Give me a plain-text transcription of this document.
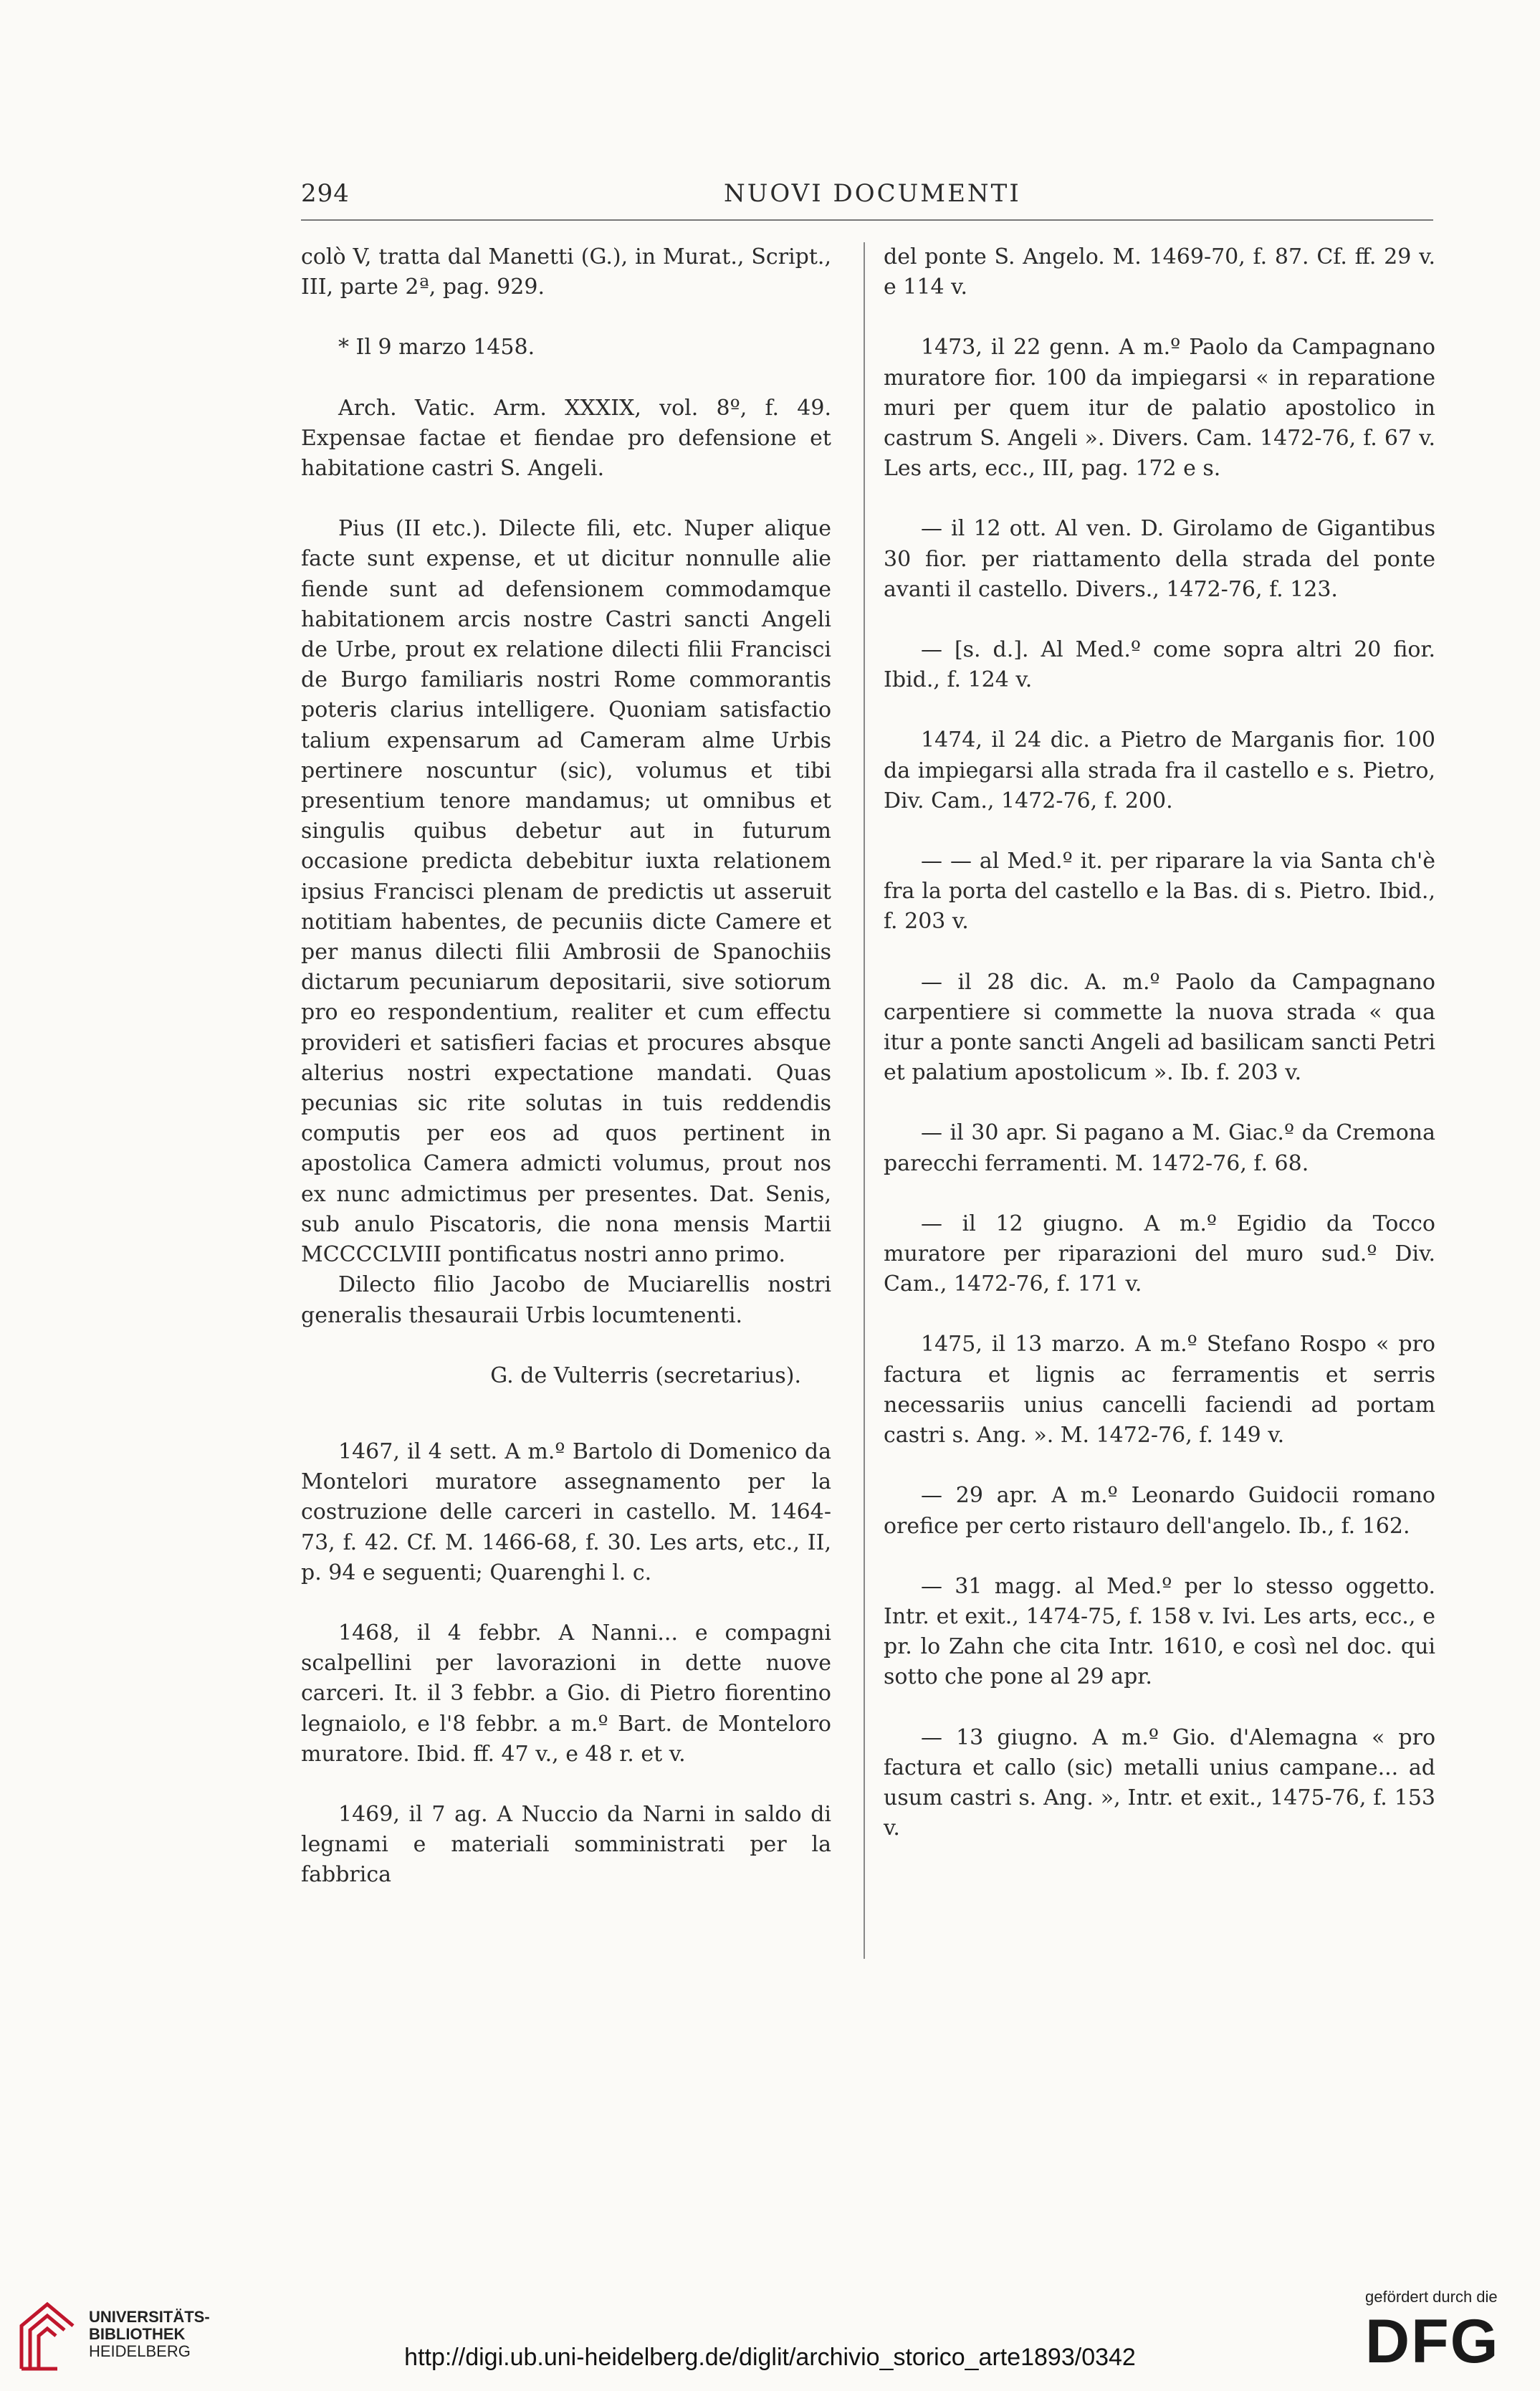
294	NUOVI DOCUMENTI

colò V, tratta dal Manetti (G.), in Murat., Script., III, parte 2ª, pag. 929.

* Il 9 marzo 1458.

Arch. Vatic. Arm. XXXIX, vol. 8º, f. 49. Expensae factae et fiendae pro defensione et habitatione castri S. Angeli.

Pius (II etc.). Dilecte fili, etc. Nuper alique facte sunt expense, et ut dicitur nonnulle alie fiende sunt ad defensionem commodamque habitationem arcis nostre Castri sancti Angeli de Urbe, prout ex relatione dilecti filii Francisci de Burgo familiaris nostri Rome commorantis poteris clarius intelligere. Quoniam satisfactio talium expensarum ad Cameram alme Urbis pertinere noscuntur (sic), volumus et tibi presentium tenore mandamus; ut omnibus et singulis quibus debetur aut in futurum occasione predicta debebitur iuxta relationem ipsius Francisci plenam de predictis ut asseruit notitiam habentes, de pecuniis dicte Camere et per manus dilecti filii Ambrosii de Spanochiis dictarum pecuniarum depositarii, sive sotiorum pro eo respondentium, realiter et cum effectu provideri et satisfieri facias et procures absque alterius nostri expectatione mandati. Quas pecunias sic rite solutas in tuis reddendis computis per eos ad quos pertinent in apostolica Camera admicti volumus, prout nos ex nunc admictimus per presentes. Dat. Senis, sub anulo Piscatoris, die nona mensis Martii MCCCCLVIII pontificatus nostri anno primo.

Dilecto filio Jacobo de Muciarellis nostri generalis thesauraii Urbis locumtenenti.

G. de Vulterris (secretarius).

1467, il 4 sett. A m.º Bartolo di Domenico da Montelori muratore assegnamento per la costruzione delle carceri in castello. M. 1464-73, f. 42. Cf. M. 1466-68, f. 30. Les arts, etc., II, p. 94 e seguenti; Quarenghi l. c.

1468, il 4 febbr. A Nanni... e compagni scalpellini per lavorazioni in dette nuove carceri. It. il 3 febbr. a Gio. di Pietro fiorentino legnaiolo, e l'8 febbr. a m.º Bart. de Monteloro muratore. Ibid. ff. 47 v., e 48 r. et v.

1469, il 7 ag. A Nuccio da Narni in saldo di legnami e materiali somministrati per la fabbrica

del ponte S. Angelo. M. 1469-70, f. 87. Cf. ff. 29 v. e 114 v.

1473, il 22 genn. A m.º Paolo da Campagnano muratore fior. 100 da impiegarsi « in reparatione muri per quem itur de palatio apostolico in castrum S. Angeli ». Divers. Cam. 1472-76, f. 67 v. Les arts, ecc., III, pag. 172 e s.

— il 12 ott. Al ven. D. Girolamo de Gigantibus 30 fior. per riattamento della strada del ponte avanti il castello. Divers., 1472-76, f. 123.

— [s. d.]. Al Med.º come sopra altri 20 fior. Ibid., f. 124 v.

1474, il 24 dic. a Pietro de Marganis fior. 100 da impiegarsi alla strada fra il castello e s. Pietro, Div. Cam., 1472-76, f. 200.

— — al Med.º it. per riparare la via Santa ch'è fra la porta del castello e la Bas. di s. Pietro. Ibid., f. 203 v.

— il 28 dic. A. m.º Paolo da Campagnano carpentiere si commette la nuova strada « qua itur a ponte sancti Angeli ad basilicam sancti Petri et palatium apostolicum ». Ib. f. 203 v.

— il 30 apr. Si pagano a M. Giac.º da Cremona parecchi ferramenti. M. 1472-76, f. 68.

— il 12 giugno. A m.º Egidio da Tocco muratore per riparazioni del muro sud.º Div. Cam., 1472-76, f. 171 v.

1475, il 13 marzo. A m.º Stefano Rospo « pro factura et lignis ac ferramentis et serris necessariis unius cancelli faciendi ad portam castri s. Ang. ». M. 1472-76, f. 149 v.

— 29 apr. A m.º Leonardo Guidocii romano orefice per certo ristauro dell'angelo. Ib., f. 162.

— 31 magg. al Med.º per lo stesso oggetto. Intr. et exit., 1474-75, f. 158 v. Ivi. Les arts, ecc., e pr. lo Zahn che cita Intr. 1610, e così nel doc. qui sotto che pone al 29 apr.

— 13 giugno. A m.º Gio. d'Alemagna « pro factura et callo (sic) metalli unius campane... ad usum castri s. Ang. », Intr. et exit., 1475-76, f. 153 v.

UNIVERSITÄTS-
BIBLIOTHEK
HEIDELBERG	http://digi.ub.uni-heidelberg.de/diglit/archivio_storico_arte1893/0342
gefördert durch die
DFG
